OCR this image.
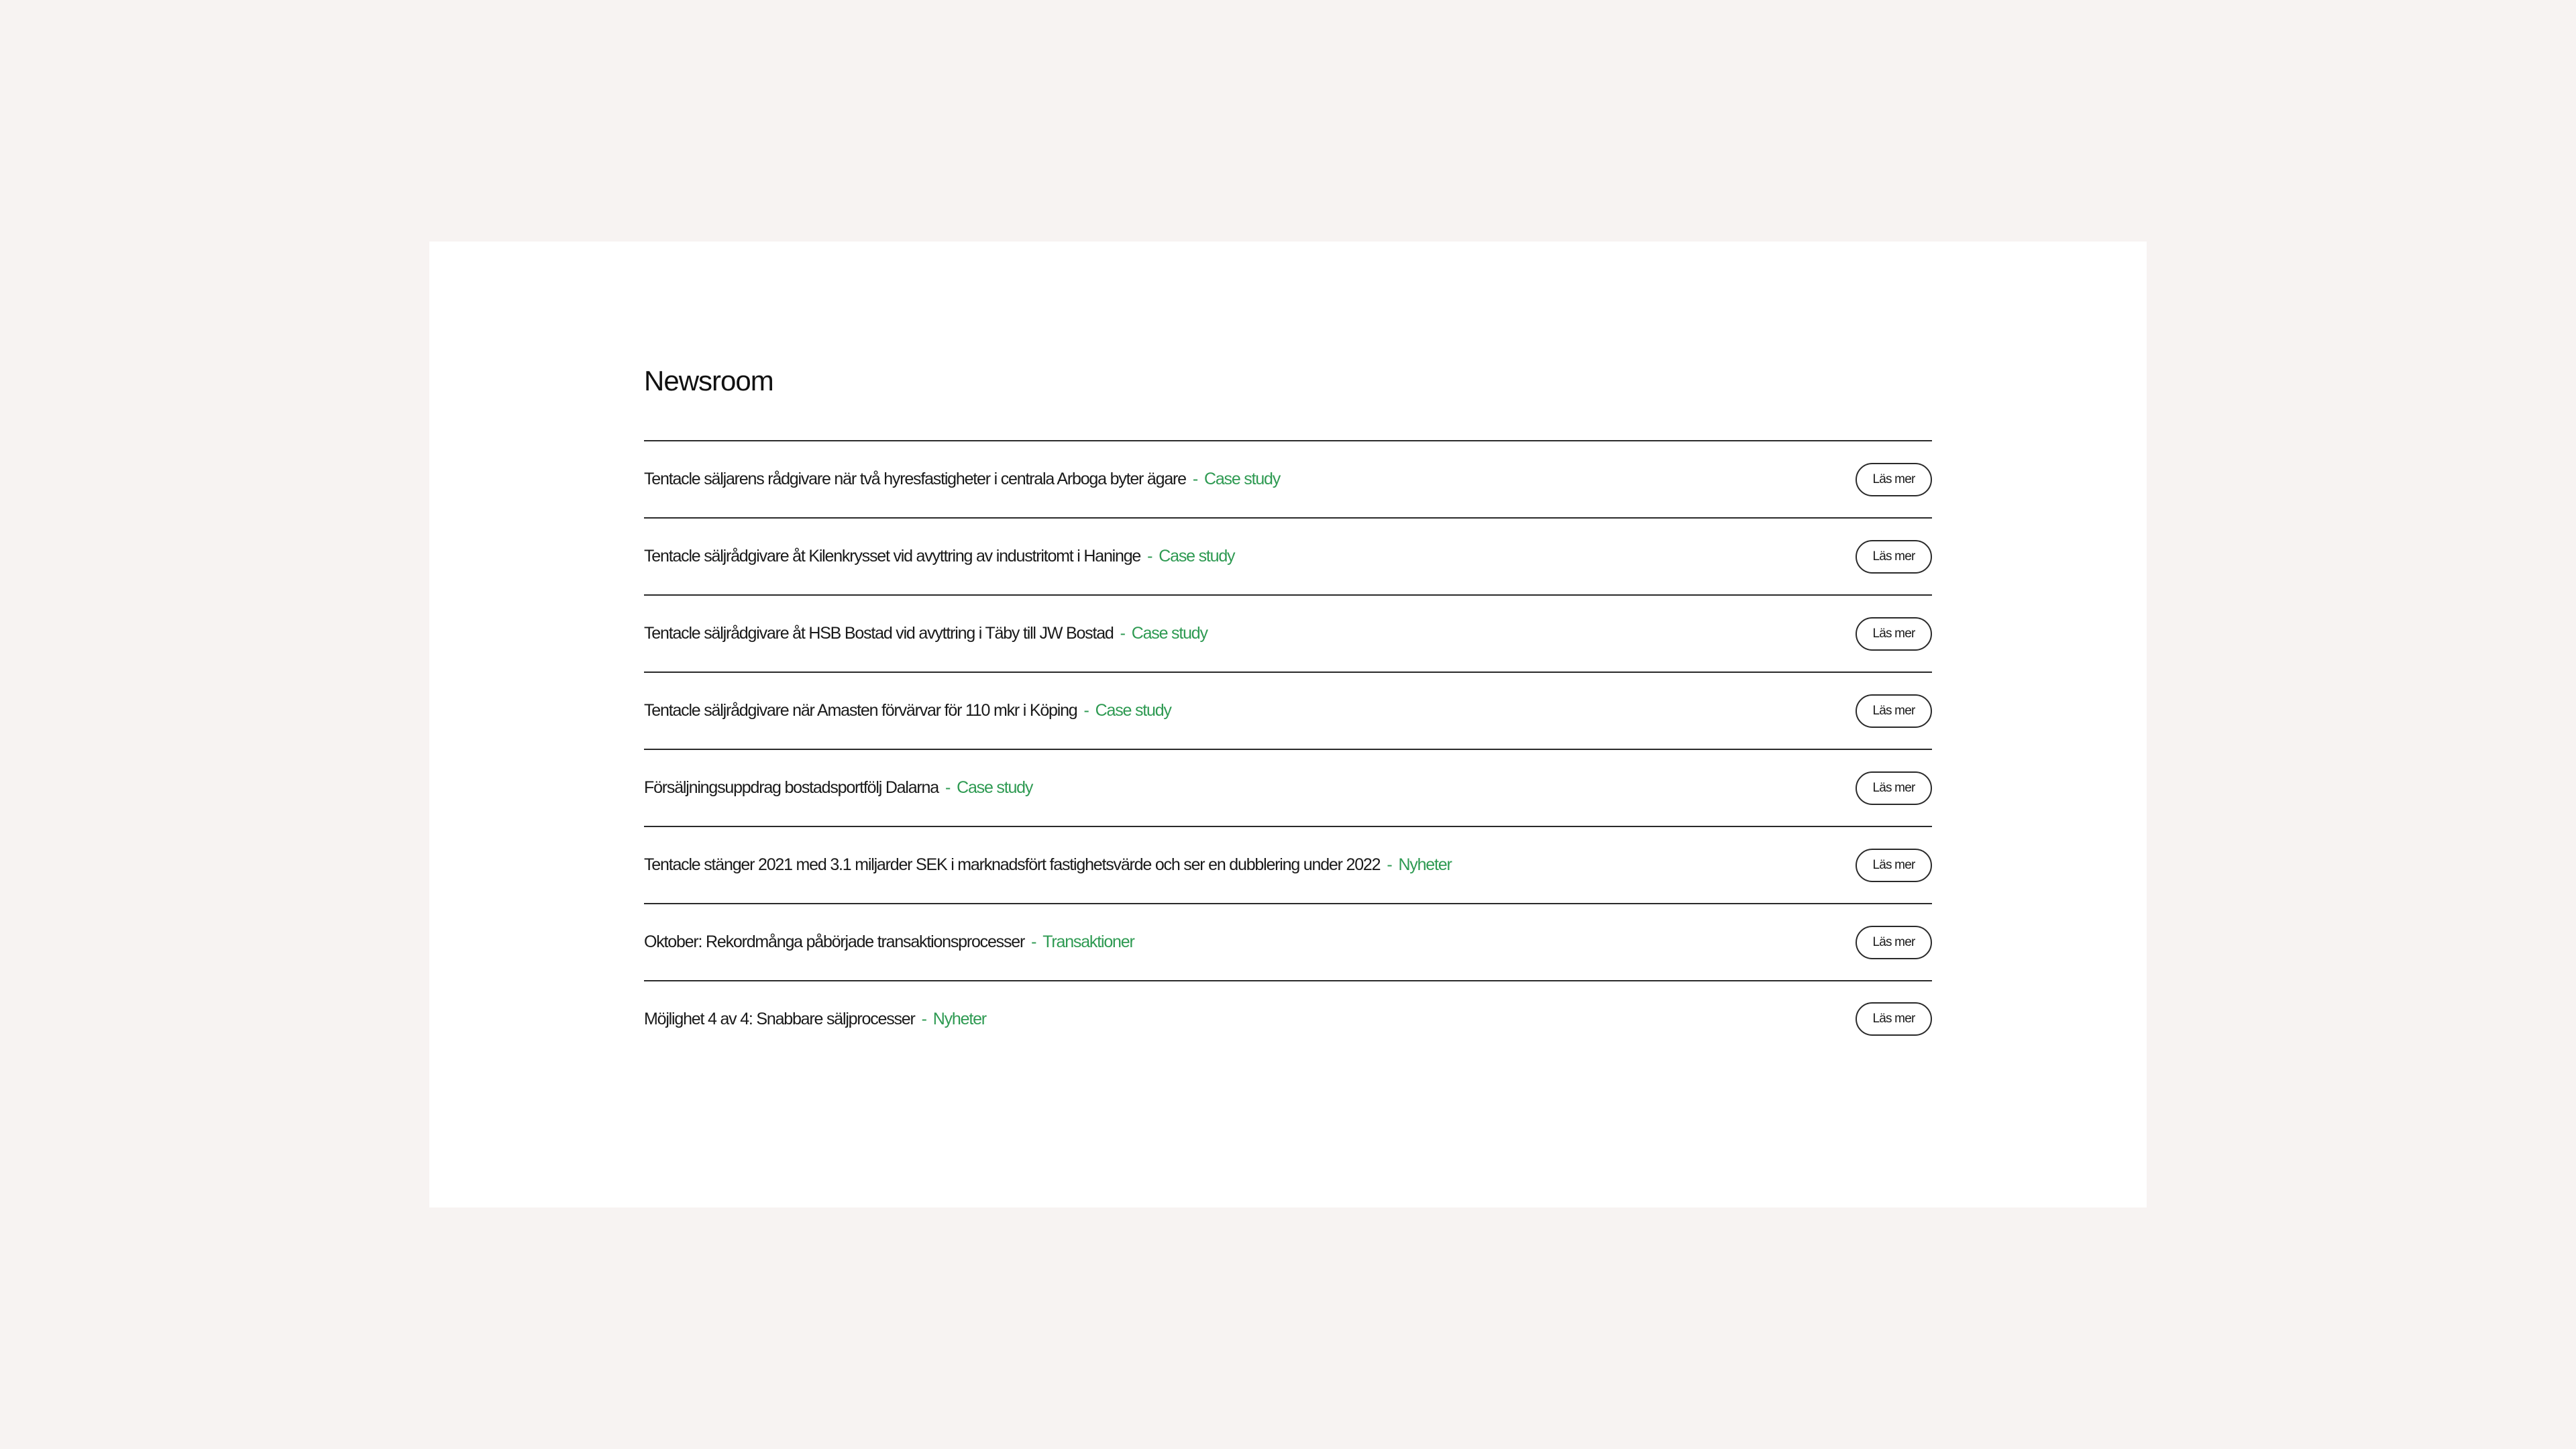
Newsroom
Tentacle säljarens rådgivare när två hyresfastigheter i centrala Arboga byter ägare - Case study	Läs mer
Tentacle säljrådgivare åt Kilenkrysset vid avyttring av industritomt i Haninge - Case study	Läs mer
Tentacle säljrådgivare åt HSB Bostad vid avyttring i Täby till JW Bostad - Case study	Läs mer
Tentacle säljrådgivare när Amasten förvärvar för 110 mkr i Köping - Case study	Läs mer
Försäljningsuppdrag bostadsportfölj Dalarna - Case study	Läs mer
Tentacle stänger 2021 med 3.1 miljarder SEK i marknadsfört fastighetsvärde och ser en dubblering under 2022 - Nyheter	Läs mer
Oktober: Rekordmånga påbörjade transaktionsprocesser - Transaktioner	Läs mer
Möjlighet 4 av 4: Snabbare säljprocesser - Nyheter	Läs mer
